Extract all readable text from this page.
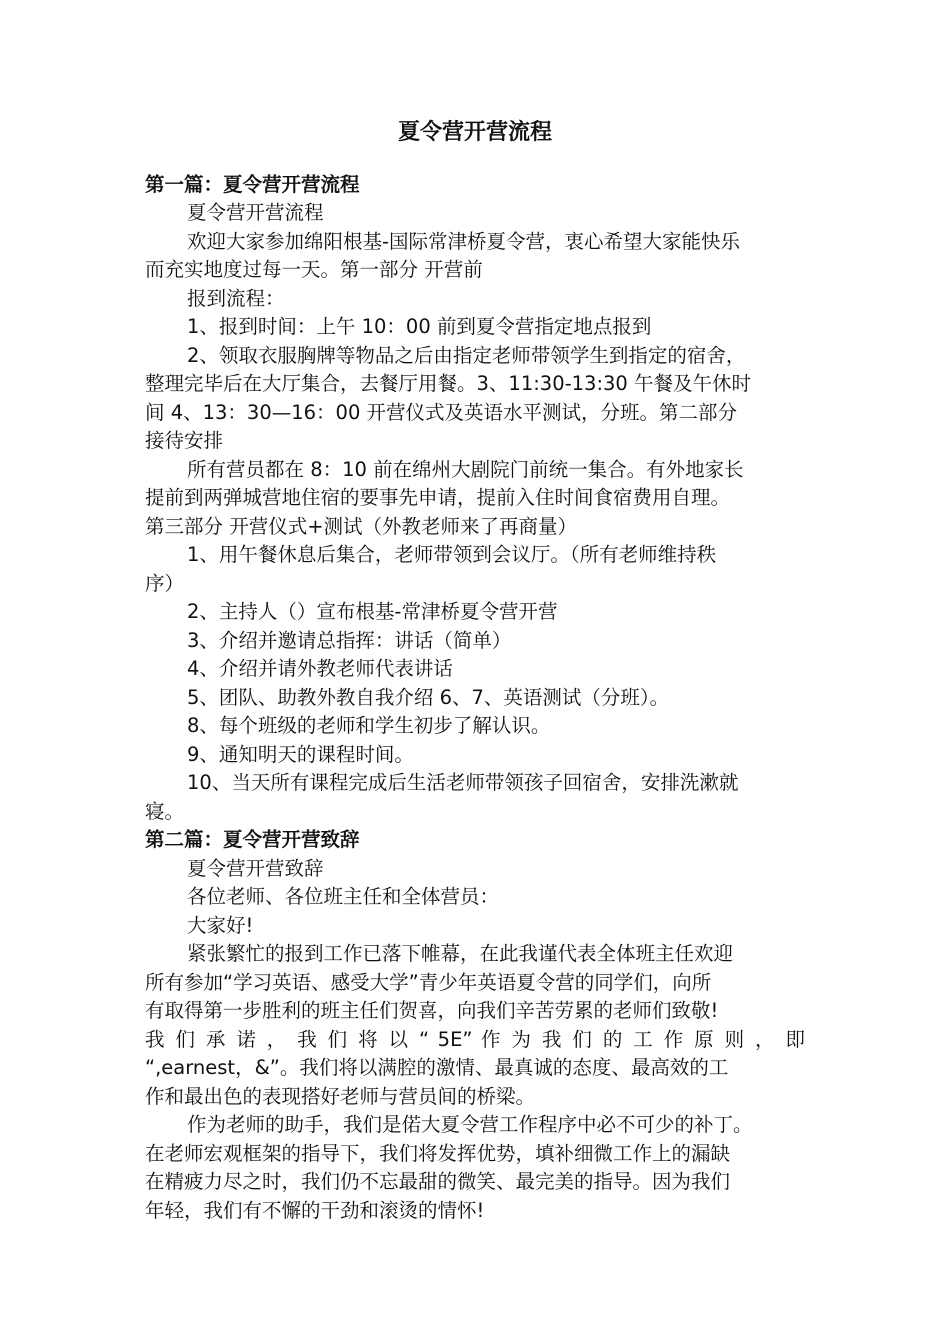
夏令营开营流程
第一篇：夏令营开营流程
夏令营开营流程
欢迎大家参加绵阳根基-国际常津桥夏令营，衷心希望大家能快乐
而充实地度过每一天。第一部分 开营前
报到流程：
1、报到时间：上午 10：00 前到夏令营指定地点报到
2、领取衣服胸牌等物品之后由指定老师带领学生到指定的宿舍，
整理完毕后在大厅集合，去餐厅用餐。3、11:30-13:30 午餐及午休时
间 4、13：30—16：00 开营仪式及英语水平测试，分班。第二部分
接待安排
所有营员都在 8：10 前在绵州大剧院门前统一集合。有外地家长
提前到两弹城营地住宿的要事先申请，提前入住时间食宿费用自理。
第三部分 开营仪式+测试（外教老师来了再商量）
1、用午餐休息后集合，老师带领到会议厅。（所有老师维持秩
序）
2、主持人（）宣布根基-常津桥夏令营开营
3、介绍并邀请总指挥：讲话（简单）
4、介绍并请外教老师代表讲话
5、团队、助教外教自我介绍 6、7、英语测试（分班）。
8、每个班级的老师和学生初步了解认识。
9、通知明天的课程时间。
10、当天所有课程完成后生活老师带领孩子回宿舍，安排洗漱就
寝。
第二篇：夏令营开营致辞
夏令营开营致辞
各位老师、各位班主任和全体营员：
大家好!
紧张繁忙的报到工作已落下帷幕，在此我谨代表全体班主任欢迎
所有参加“学习英语、感受大学”青少年英语夏令营的同学们，向所
有取得第一步胜利的班主任们贺喜，向我们辛苦劳累的老师们致敬!
我 们 承 诺 ， 我 们 将 以 “ 5E” 作 为 我 们 的 工 作 原 则 ， 即
“,earnest，&”。我们将以满腔的激情、最真诚的态度、最高效的工
作和最出色的表现搭好老师与营员间的桥梁。
作为老师的助手，我们是偌大夏令营工作程序中必不可少的补丁。
在老师宏观框架的指导下，我们将发挥优势，填补细微工作上的漏缺
在精疲力尽之时，我们仍不忘最甜的微笑、最完美的指导。因为我们
年轻，我们有不懈的干劲和滚烫的情怀!
